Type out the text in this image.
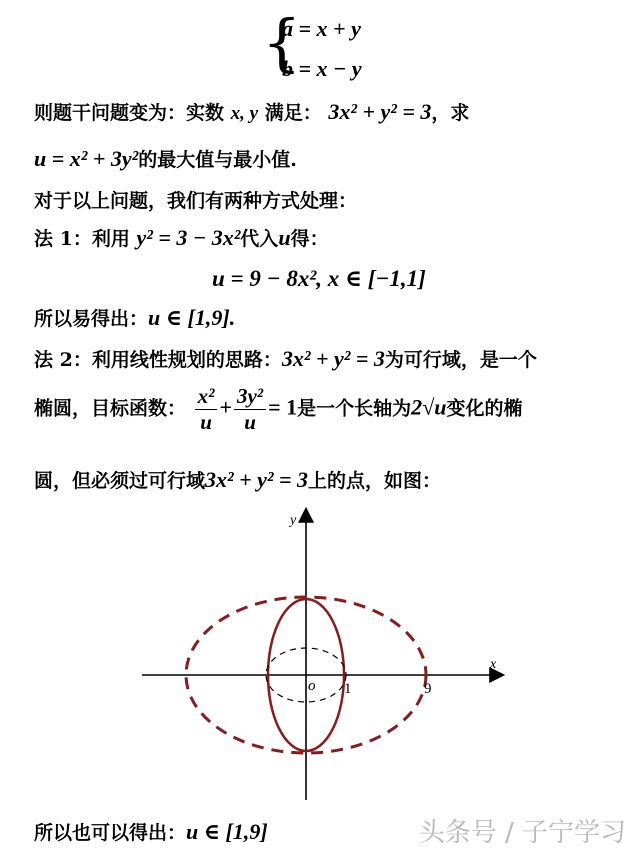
{
a = x + y
b = x − y
则题干问题变为：实数 x, y 满足： 3x² + y² = 3，求
u = x² + 3y²的最大值与最小值.
对于以上问题，我们有两种方式处理：
法 1：利用 y² = 3 − 3x²代入u得：
u = 9 − 8x², x ∈ [−1,1]
所以易得出：u ∈ [1,9].
法 2：利用线性规划的思路：3x² + y² = 3为可行域，是一个
椭圆，目标函数： $\frac{\text{x²}}{u} + \frac{\text{3y²}}{u} = 1$是一个长轴为2√u变化的椭
圆，但必须过可行域3x² + y² = 3上的点，如图：
y
x
o 1	9
所以也可以得出：u ∈ [1,9]	头条号 / 子宁学习
